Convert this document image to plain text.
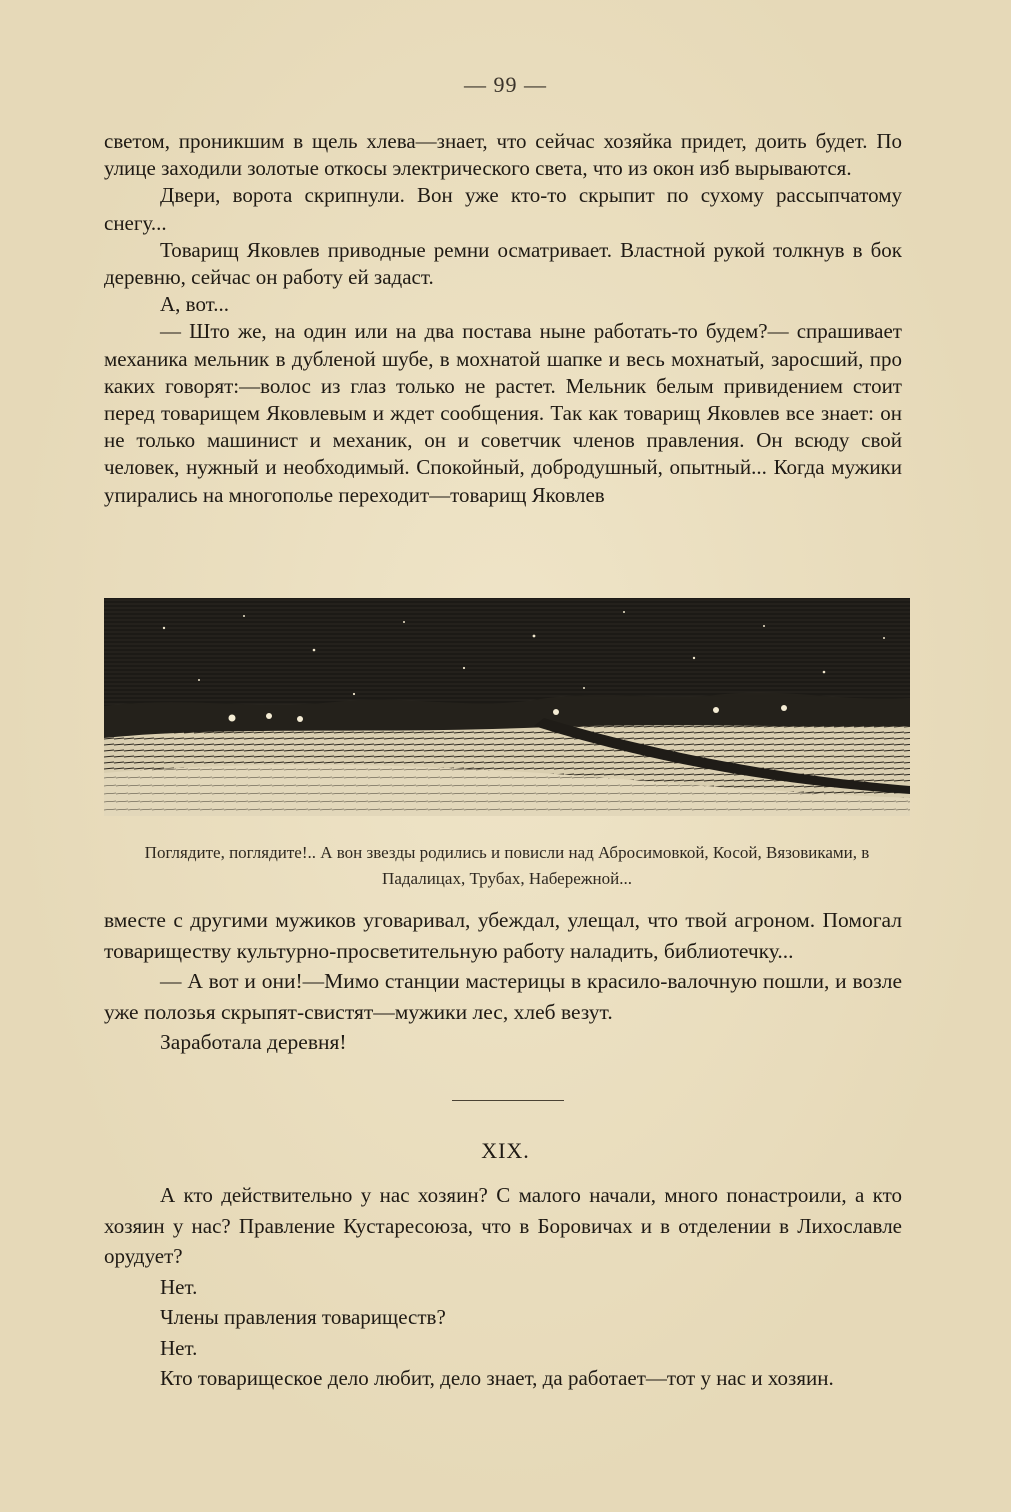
— 99 —

светом, проникшим в щель хлева—знает, что сейчас хозяйка придет, доить будет. По улице заходили золотые откосы электрического света, что из окон изб вырываются.

Двери, ворота скрипнули. Вон уже кто-то скрыпит по сухому рассыпчатому снегу...

Товарищ Яковлев приводные ремни осматривает. Властной рукой толкнув в бок деревню, сейчас он работу ей задаст.

А, вот...

— Што же, на один или на два постава ныне работать-то будем?— спрашивает механика мельник в дубленой шубе, в мохнатой шапке и весь мохнатый, заросший, про каких говорят:—волос из глаз только не растет. Мельник белым привидением стоит перед товарищем Яковлевым и ждет сообщения. Так как товарищ Яковлев все знает: он не только машинист и механик, он и советчик членов правления. Он всюду свой человек, нужный и необходимый. Спокойный, добродушный, опытный... Когда мужики упирались на многополье переходит—товарищ Яковлев

Поглядите, поглядите!.. А вон звезды родились и повисли над Абросимовкой, Косой, Вязовиками, в Падалицах, Трубах, Набережной...

вместе с другими мужиков уговаривал, убеждал, улещал, что твой агроном. Помогал товариществу культурно-просветительную работу наладить, библиотечку...

— А вот и они!—Мимо станции мастерицы в красило-валочную пошли, и возле уже полозья скрыпят-свистят—мужики лес, хлеб везут.

Заработала деревня!

XIX.

А кто действительно у нас хозяин? С малого начали, много понастроили, а кто хозяин у нас? Правление Кустаресоюза, что в Боровичах и в отделении в Лихославле орудует?

Нет.

Члены правления товариществ?

Нет.

Кто товарищеское дело любит, дело знает, да работает—тот у нас и хозяин.
